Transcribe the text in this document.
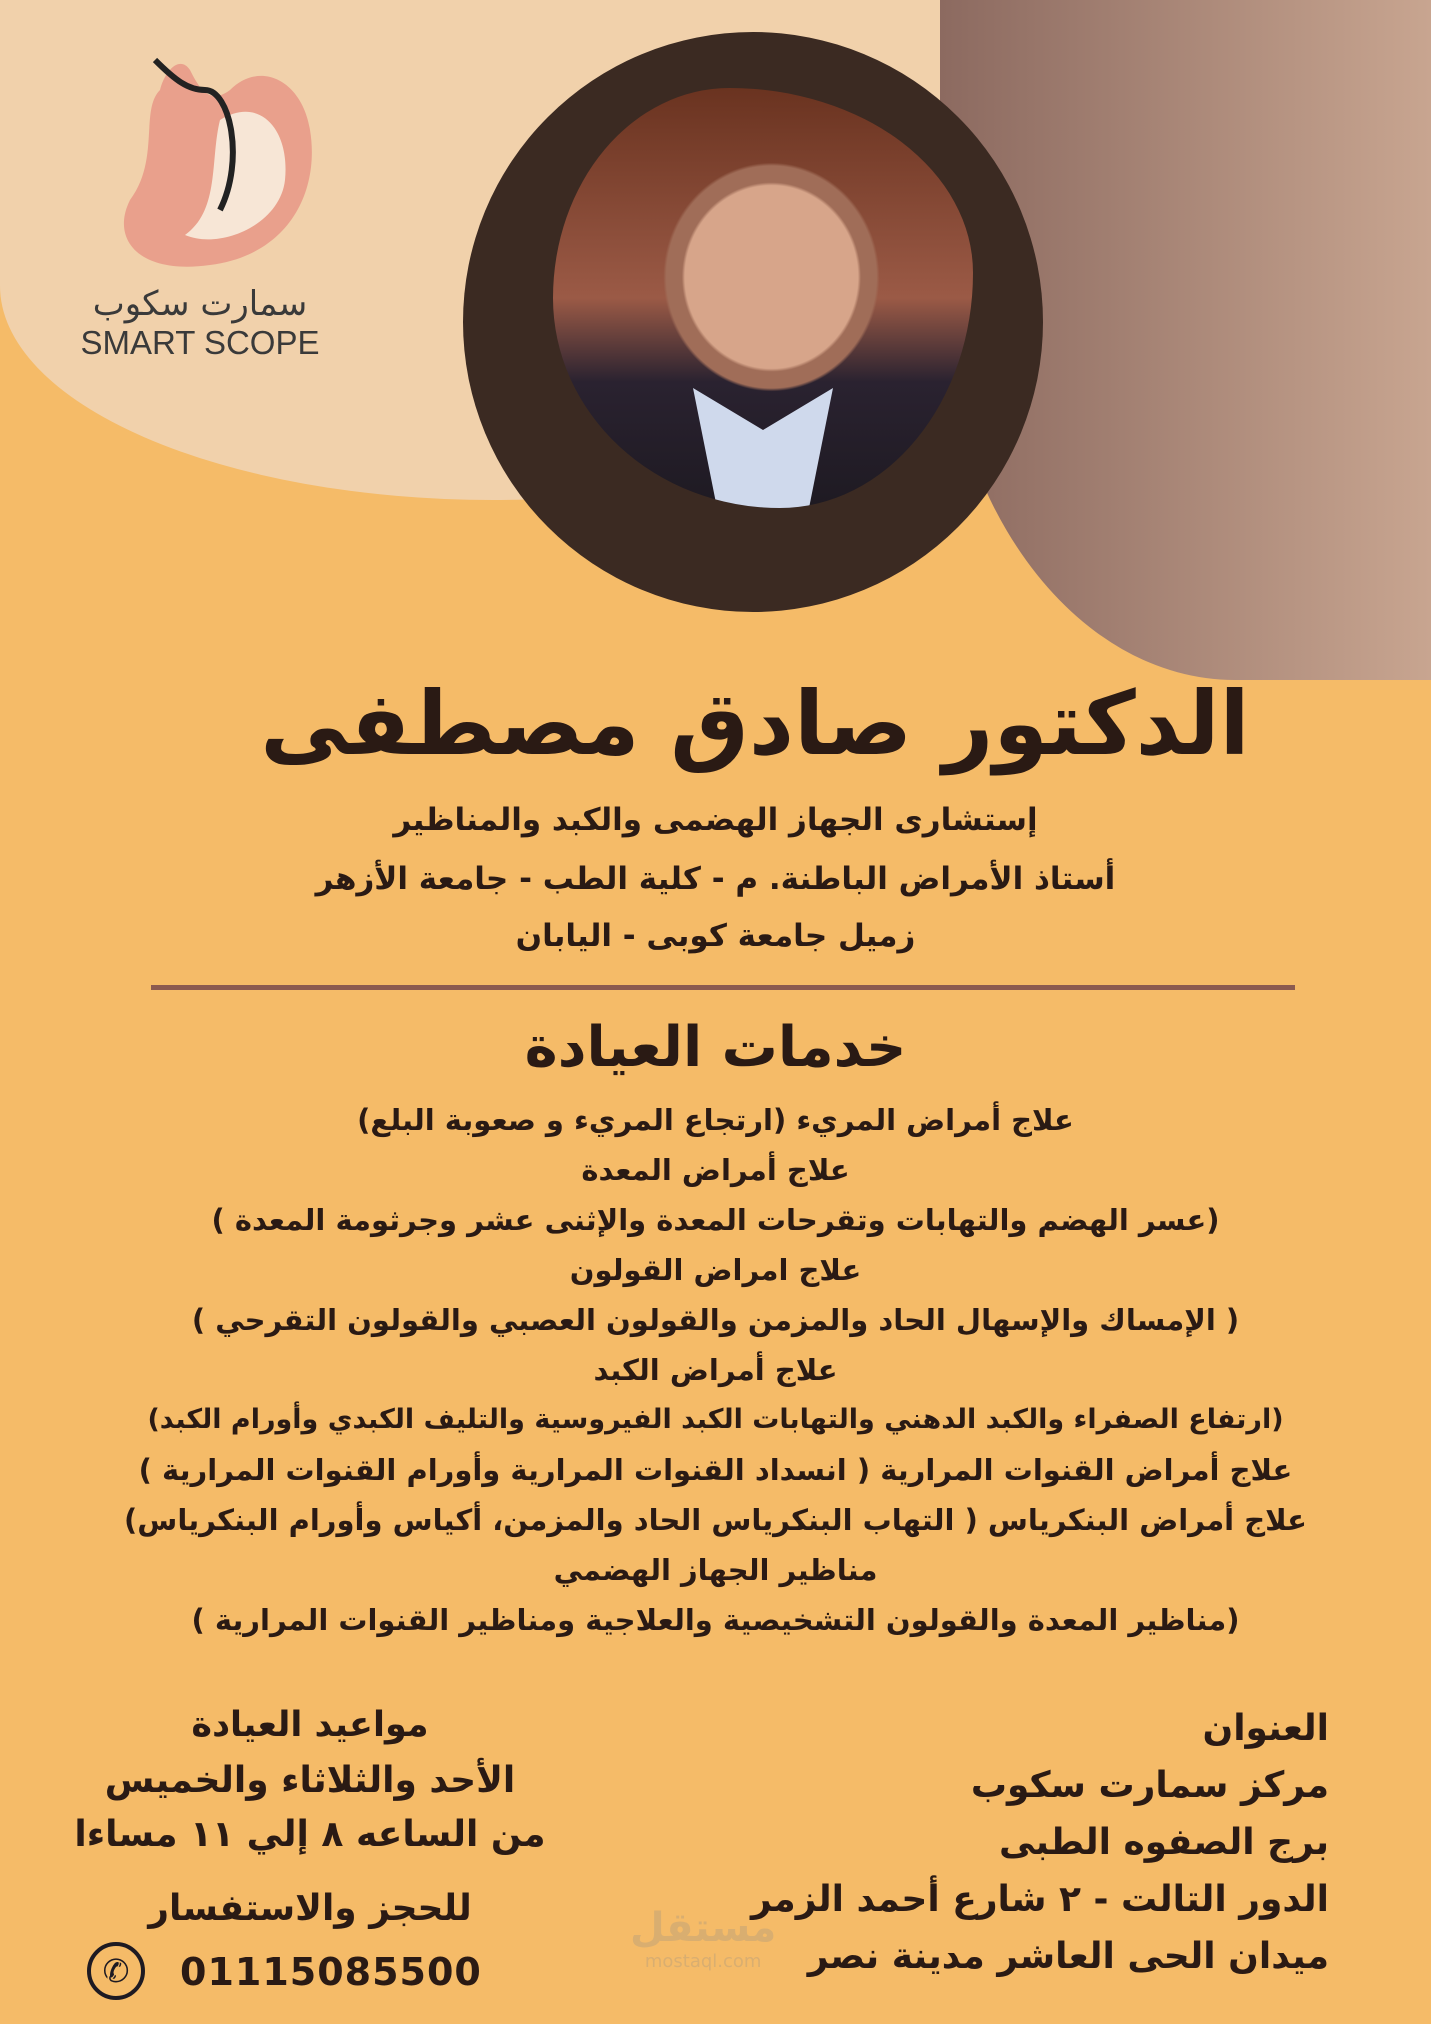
سمارت سكوب
SMART SCOPE
الدكتور صادق مصطفى
إستشارى الجهاز الهضمى والكبد والمناظير
أستاذ الأمراض الباطنة. م - كلية الطب - جامعة الأزهر
زميل جامعة كوبى - اليابان
خدمات العيادة
علاج أمراض المريء (ارتجاع المريء و صعوبة البلع)
علاج أمراض المعدة
(عسر الهضم والتهابات وتقرحات المعدة والإثنى عشر وجرثومة المعدة )
علاج امراض القولون
( الإمساك والإسهال الحاد والمزمن والقولون العصبي والقولون التقرحي )
علاج أمراض الكبد
(ارتفاع الصفراء والكبد الدهني والتهابات الكبد الفيروسية والتليف الكبدي وأورام الكبد)
علاج أمراض القنوات المرارية ( انسداد القنوات المرارية وأورام القنوات المرارية )
علاج أمراض البنكرياس ( التهاب البنكرياس الحاد والمزمن، أكياس وأورام البنكرياس)
مناظير الجهاز الهضمي
(مناظير المعدة والقولون التشخيصية والعلاجية ومناظير القنوات المرارية )
العنوان
مركز سمارت سكوب
برج الصفوه الطبى
الدور التالت - ٢ شارع أحمد الزمر
ميدان الحى العاشر مدينة نصر
مستقل
mostaql.com
مواعيد العيادة
الأحد والثلاثاء والخميس
من الساعه ٨ إلي ١١ مساءا
للحجز والاستفسار
✆	01115085500
